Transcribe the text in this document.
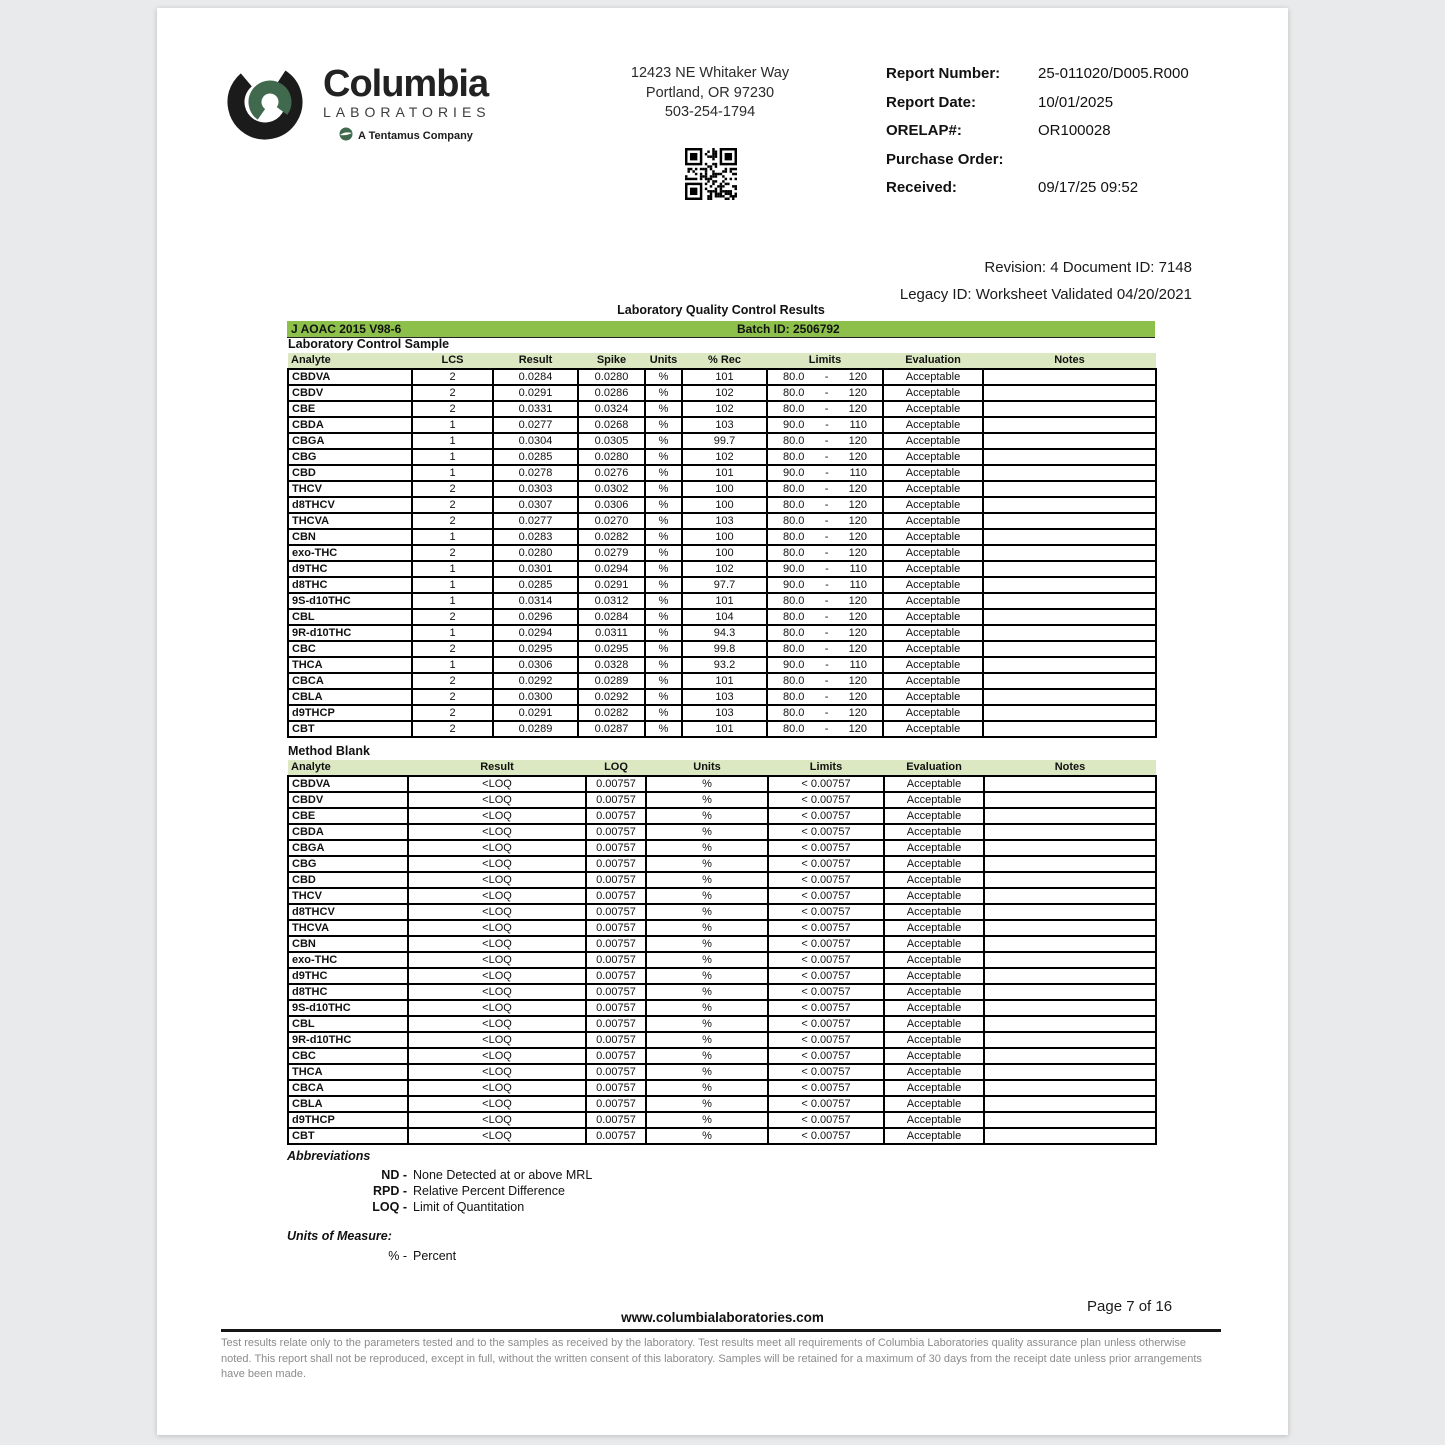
Columbia
LABORATORIES
A Tentamus Company
12423 NE Whitaker Way
Portland, OR 97230
503-254-1794
Report Number:	25-011020/D005.R000
Report Date:	10/01/2025
ORELAP#:	OR100028
Purchase Order:
Received:	09/17/25 09:52
Revision: 4 Document ID: 7148
Legacy ID: Worksheet Validated 04/20/2021
Laboratory Quality Control Results
J AOAC 2015 V98-6	Batch ID: 2506792
Laboratory Control Sample
Analyte	LCS	Result	Spike	Units	% Rec	Limits	Evaluation	Notes
CBDVA	2	0.0284	0.0280	%	101	80.0 - 120	Acceptable	
CBDV	2	0.0291	0.0286	%	102	80.0 - 120	Acceptable	
CBE	2	0.0331	0.0324	%	102	80.0 - 120	Acceptable	
CBDA	1	0.0277	0.0268	%	103	90.0 - 110	Acceptable	
CBGA	1	0.0304	0.0305	%	99.7	80.0 - 120	Acceptable	
CBG	1	0.0285	0.0280	%	102	80.0 - 120	Acceptable	
CBD	1	0.0278	0.0276	%	101	90.0 - 110	Acceptable	
THCV	2	0.0303	0.0302	%	100	80.0 - 120	Acceptable	
d8THCV	2	0.0307	0.0306	%	100	80.0 - 120	Acceptable	
THCVA	2	0.0277	0.0270	%	103	80.0 - 120	Acceptable	
CBN	1	0.0283	0.0282	%	100	80.0 - 120	Acceptable	
exo-THC	2	0.0280	0.0279	%	100	80.0 - 120	Acceptable	
d9THC	1	0.0301	0.0294	%	102	90.0 - 110	Acceptable	
d8THC	1	0.0285	0.0291	%	97.7	90.0 - 110	Acceptable	
9S-d10THC	1	0.0314	0.0312	%	101	80.0 - 120	Acceptable	
CBL	2	0.0296	0.0284	%	104	80.0 - 120	Acceptable	
9R-d10THC	1	0.0294	0.0311	%	94.3	80.0 - 120	Acceptable	
CBC	2	0.0295	0.0295	%	99.8	80.0 - 120	Acceptable	
THCA	1	0.0306	0.0328	%	93.2	90.0 - 110	Acceptable	
CBCA	2	0.0292	0.0289	%	101	80.0 - 120	Acceptable	
CBLA	2	0.0300	0.0292	%	103	80.0 - 120	Acceptable	
d9THCP	2	0.0291	0.0282	%	103	80.0 - 120	Acceptable	
CBT	2	0.0289	0.0287	%	101	80.0 - 120	Acceptable	
Method Blank
Analyte	Result	LOQ	Units	Limits	Evaluation	Notes
CBDVA	<LOQ	0.00757	%	< 0.00757	Acceptable	
CBDV	<LOQ	0.00757	%	< 0.00757	Acceptable	
CBE	<LOQ	0.00757	%	< 0.00757	Acceptable	
CBDA	<LOQ	0.00757	%	< 0.00757	Acceptable	
CBGA	<LOQ	0.00757	%	< 0.00757	Acceptable	
CBG	<LOQ	0.00757	%	< 0.00757	Acceptable	
CBD	<LOQ	0.00757	%	< 0.00757	Acceptable	
THCV	<LOQ	0.00757	%	< 0.00757	Acceptable	
d8THCV	<LOQ	0.00757	%	< 0.00757	Acceptable	
THCVA	<LOQ	0.00757	%	< 0.00757	Acceptable	
CBN	<LOQ	0.00757	%	< 0.00757	Acceptable	
exo-THC	<LOQ	0.00757	%	< 0.00757	Acceptable	
d9THC	<LOQ	0.00757	%	< 0.00757	Acceptable	
d8THC	<LOQ	0.00757	%	< 0.00757	Acceptable	
9S-d10THC	<LOQ	0.00757	%	< 0.00757	Acceptable	
CBL	<LOQ	0.00757	%	< 0.00757	Acceptable	
9R-d10THC	<LOQ	0.00757	%	< 0.00757	Acceptable	
CBC	<LOQ	0.00757	%	< 0.00757	Acceptable	
THCA	<LOQ	0.00757	%	< 0.00757	Acceptable	
CBCA	<LOQ	0.00757	%	< 0.00757	Acceptable	
CBLA	<LOQ	0.00757	%	< 0.00757	Acceptable	
d9THCP	<LOQ	0.00757	%	< 0.00757	Acceptable	
CBT	<LOQ	0.00757	%	< 0.00757	Acceptable	
Abbreviations
ND - None Detected at or above MRL
RPD - Relative Percent Difference
LOQ - Limit of Quantitation
Units of Measure:
% - Percent
Page 7 of 16
www.columbialaboratories.com
Test results relate only to the parameters tested and to the samples as received by the laboratory. Test results meet all requirements of Columbia Laboratories quality assurance plan unless otherwise noted. This report shall not be reproduced, except in full, without the written consent of this laboratory. Samples will be retained for a maximum of 30 days from the receipt date unless prior arrangements have been made.
